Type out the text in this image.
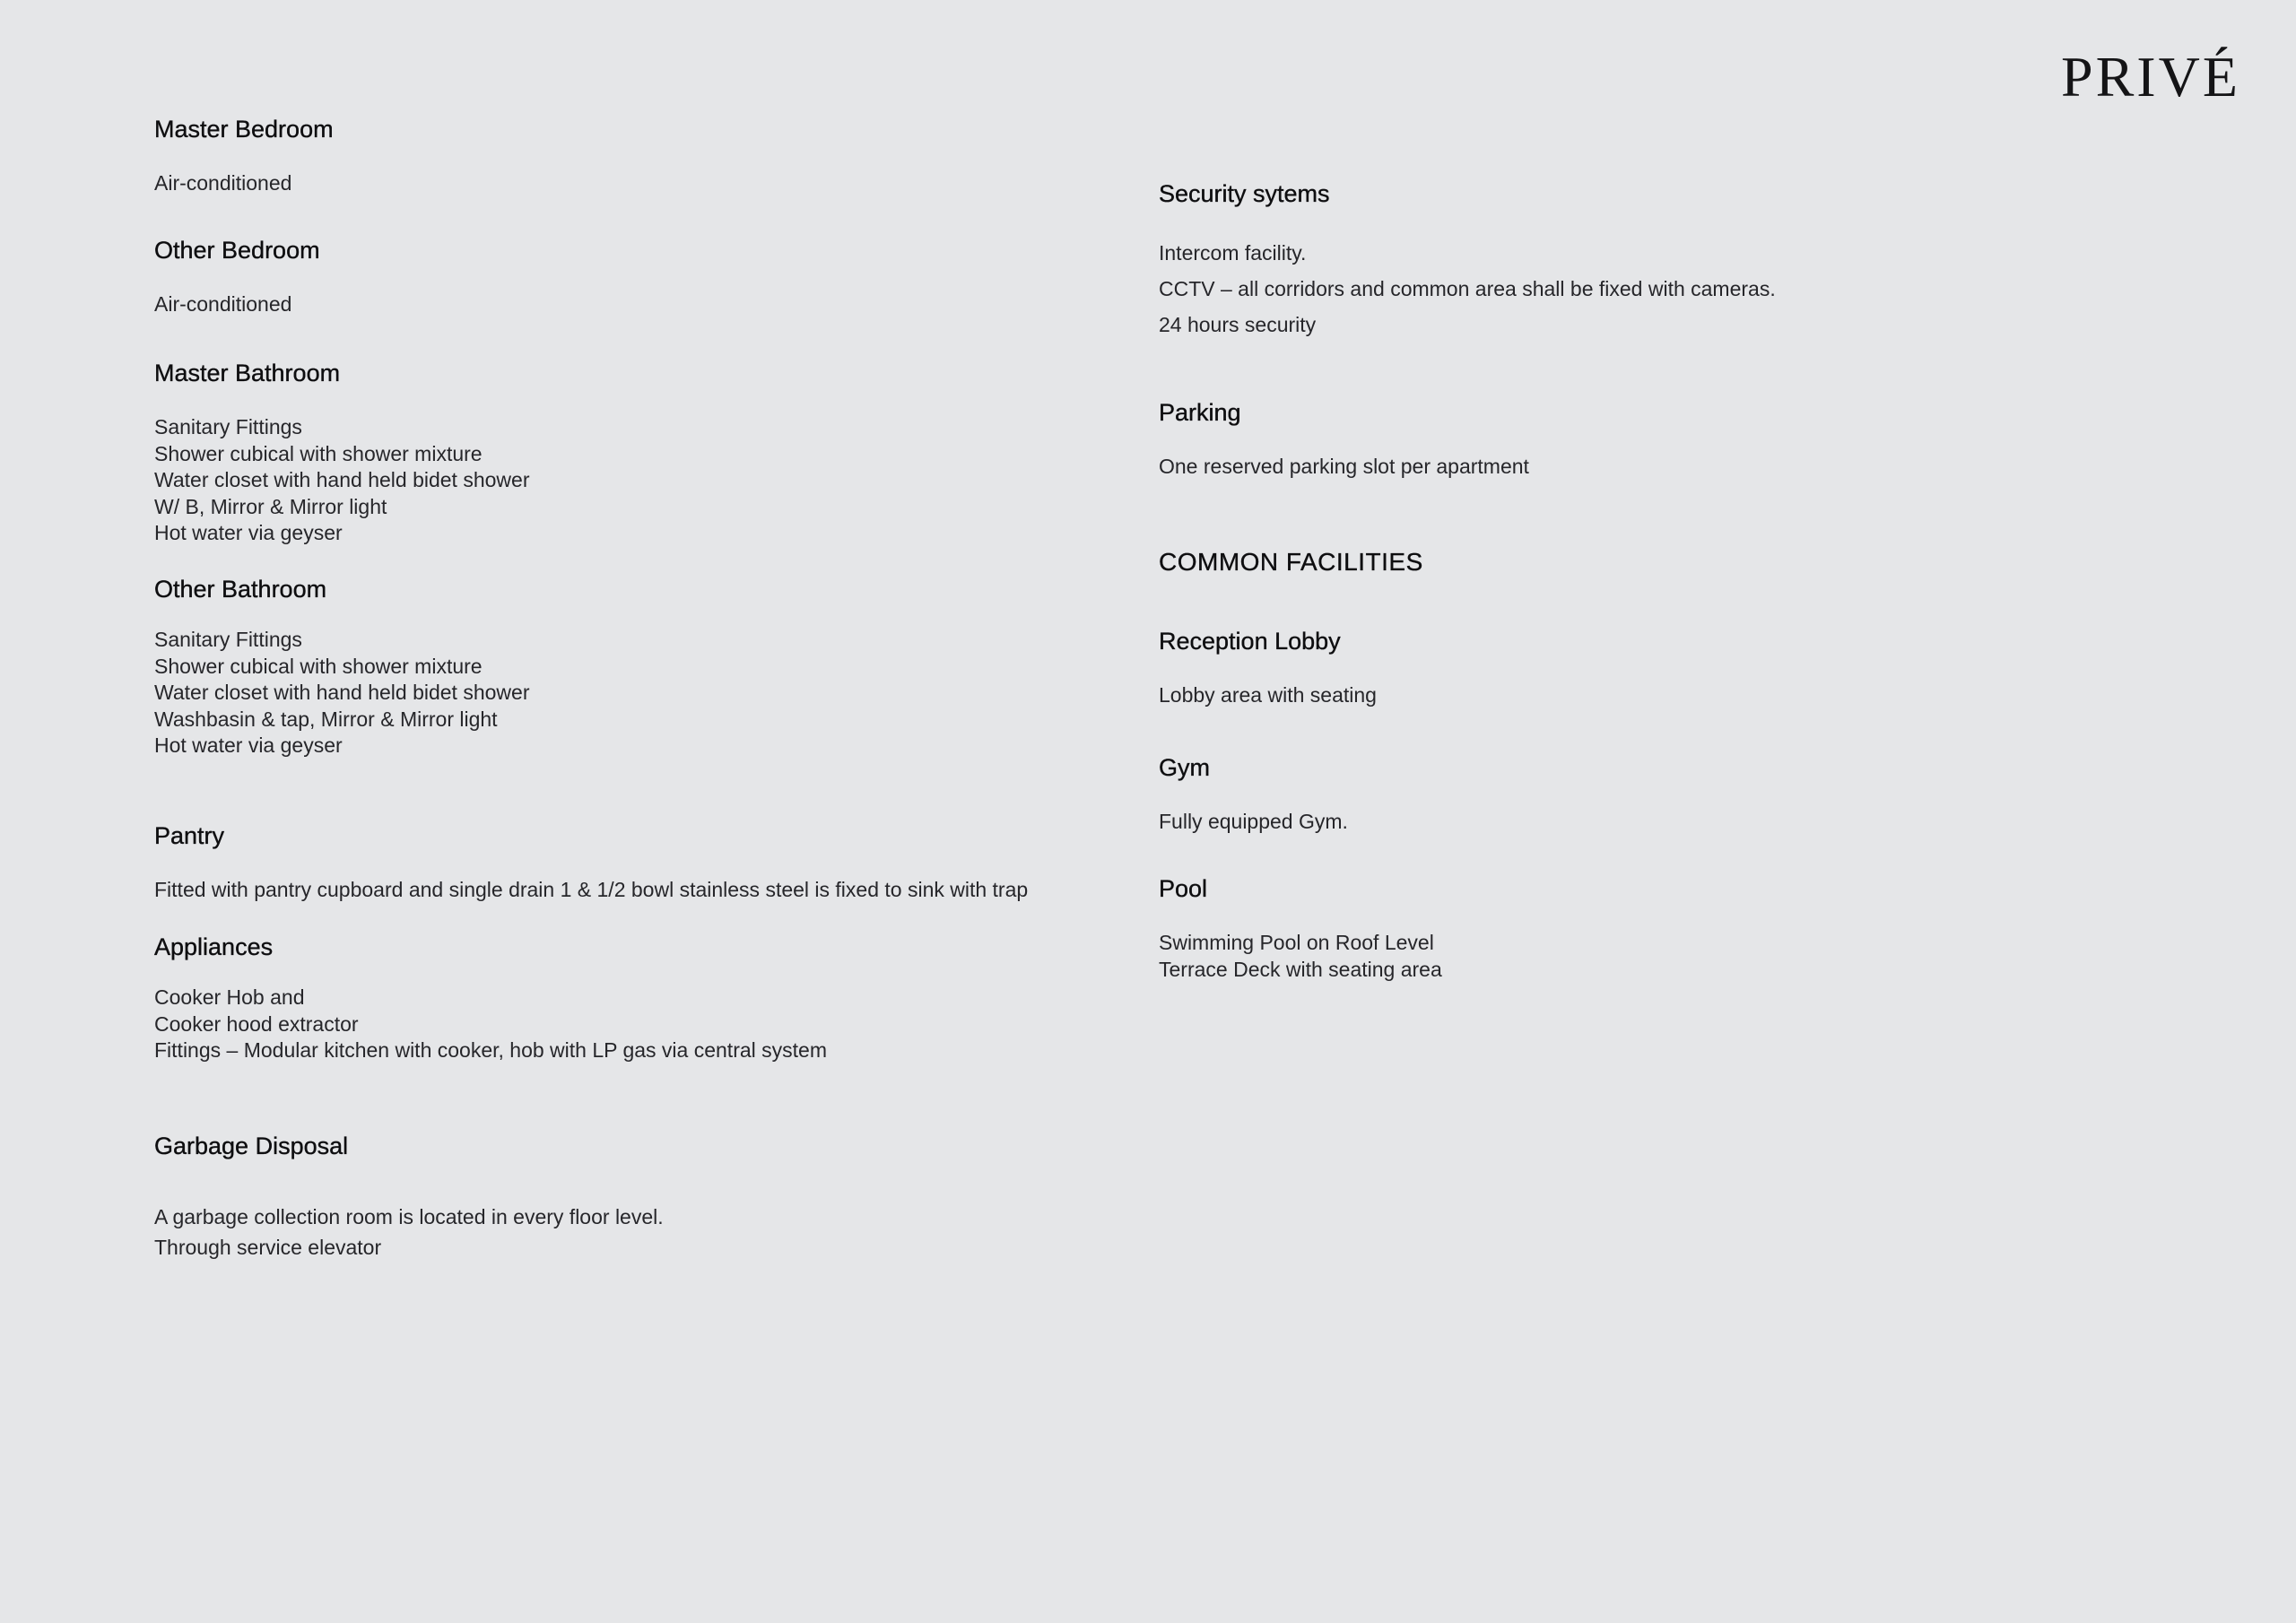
PRIVÉ
Master Bedroom
Air-conditioned
Other Bedroom
Air-conditioned
Master Bathroom
Sanitary Fittings
Shower cubical with shower mixture
Water closet with hand held bidet shower
W/ B, Mirror & Mirror light
Hot water via geyser
Other Bathroom
Sanitary Fittings
Shower cubical with shower mixture
Water closet with hand held bidet shower
Washbasin & tap, Mirror & Mirror light
Hot water via geyser
Pantry
Fitted with pantry cupboard and single drain 1 & 1/2 bowl stainless steel is fixed to sink with trap
Appliances
Cooker Hob and
Cooker hood extractor
Fittings – Modular kitchen with cooker, hob with LP gas via central system
Garbage Disposal
A garbage collection room is located in every floor level.
Through service elevator
Security sytems
Intercom facility.
CCTV – all corridors and common area shall be fixed with cameras.
24 hours security
Parking
One reserved parking slot per apartment
COMMON FACILITIES
Reception Lobby
Lobby area with seating
Gym
Fully equipped Gym.
Pool
Swimming Pool on Roof Level
Terrace Deck with seating area
